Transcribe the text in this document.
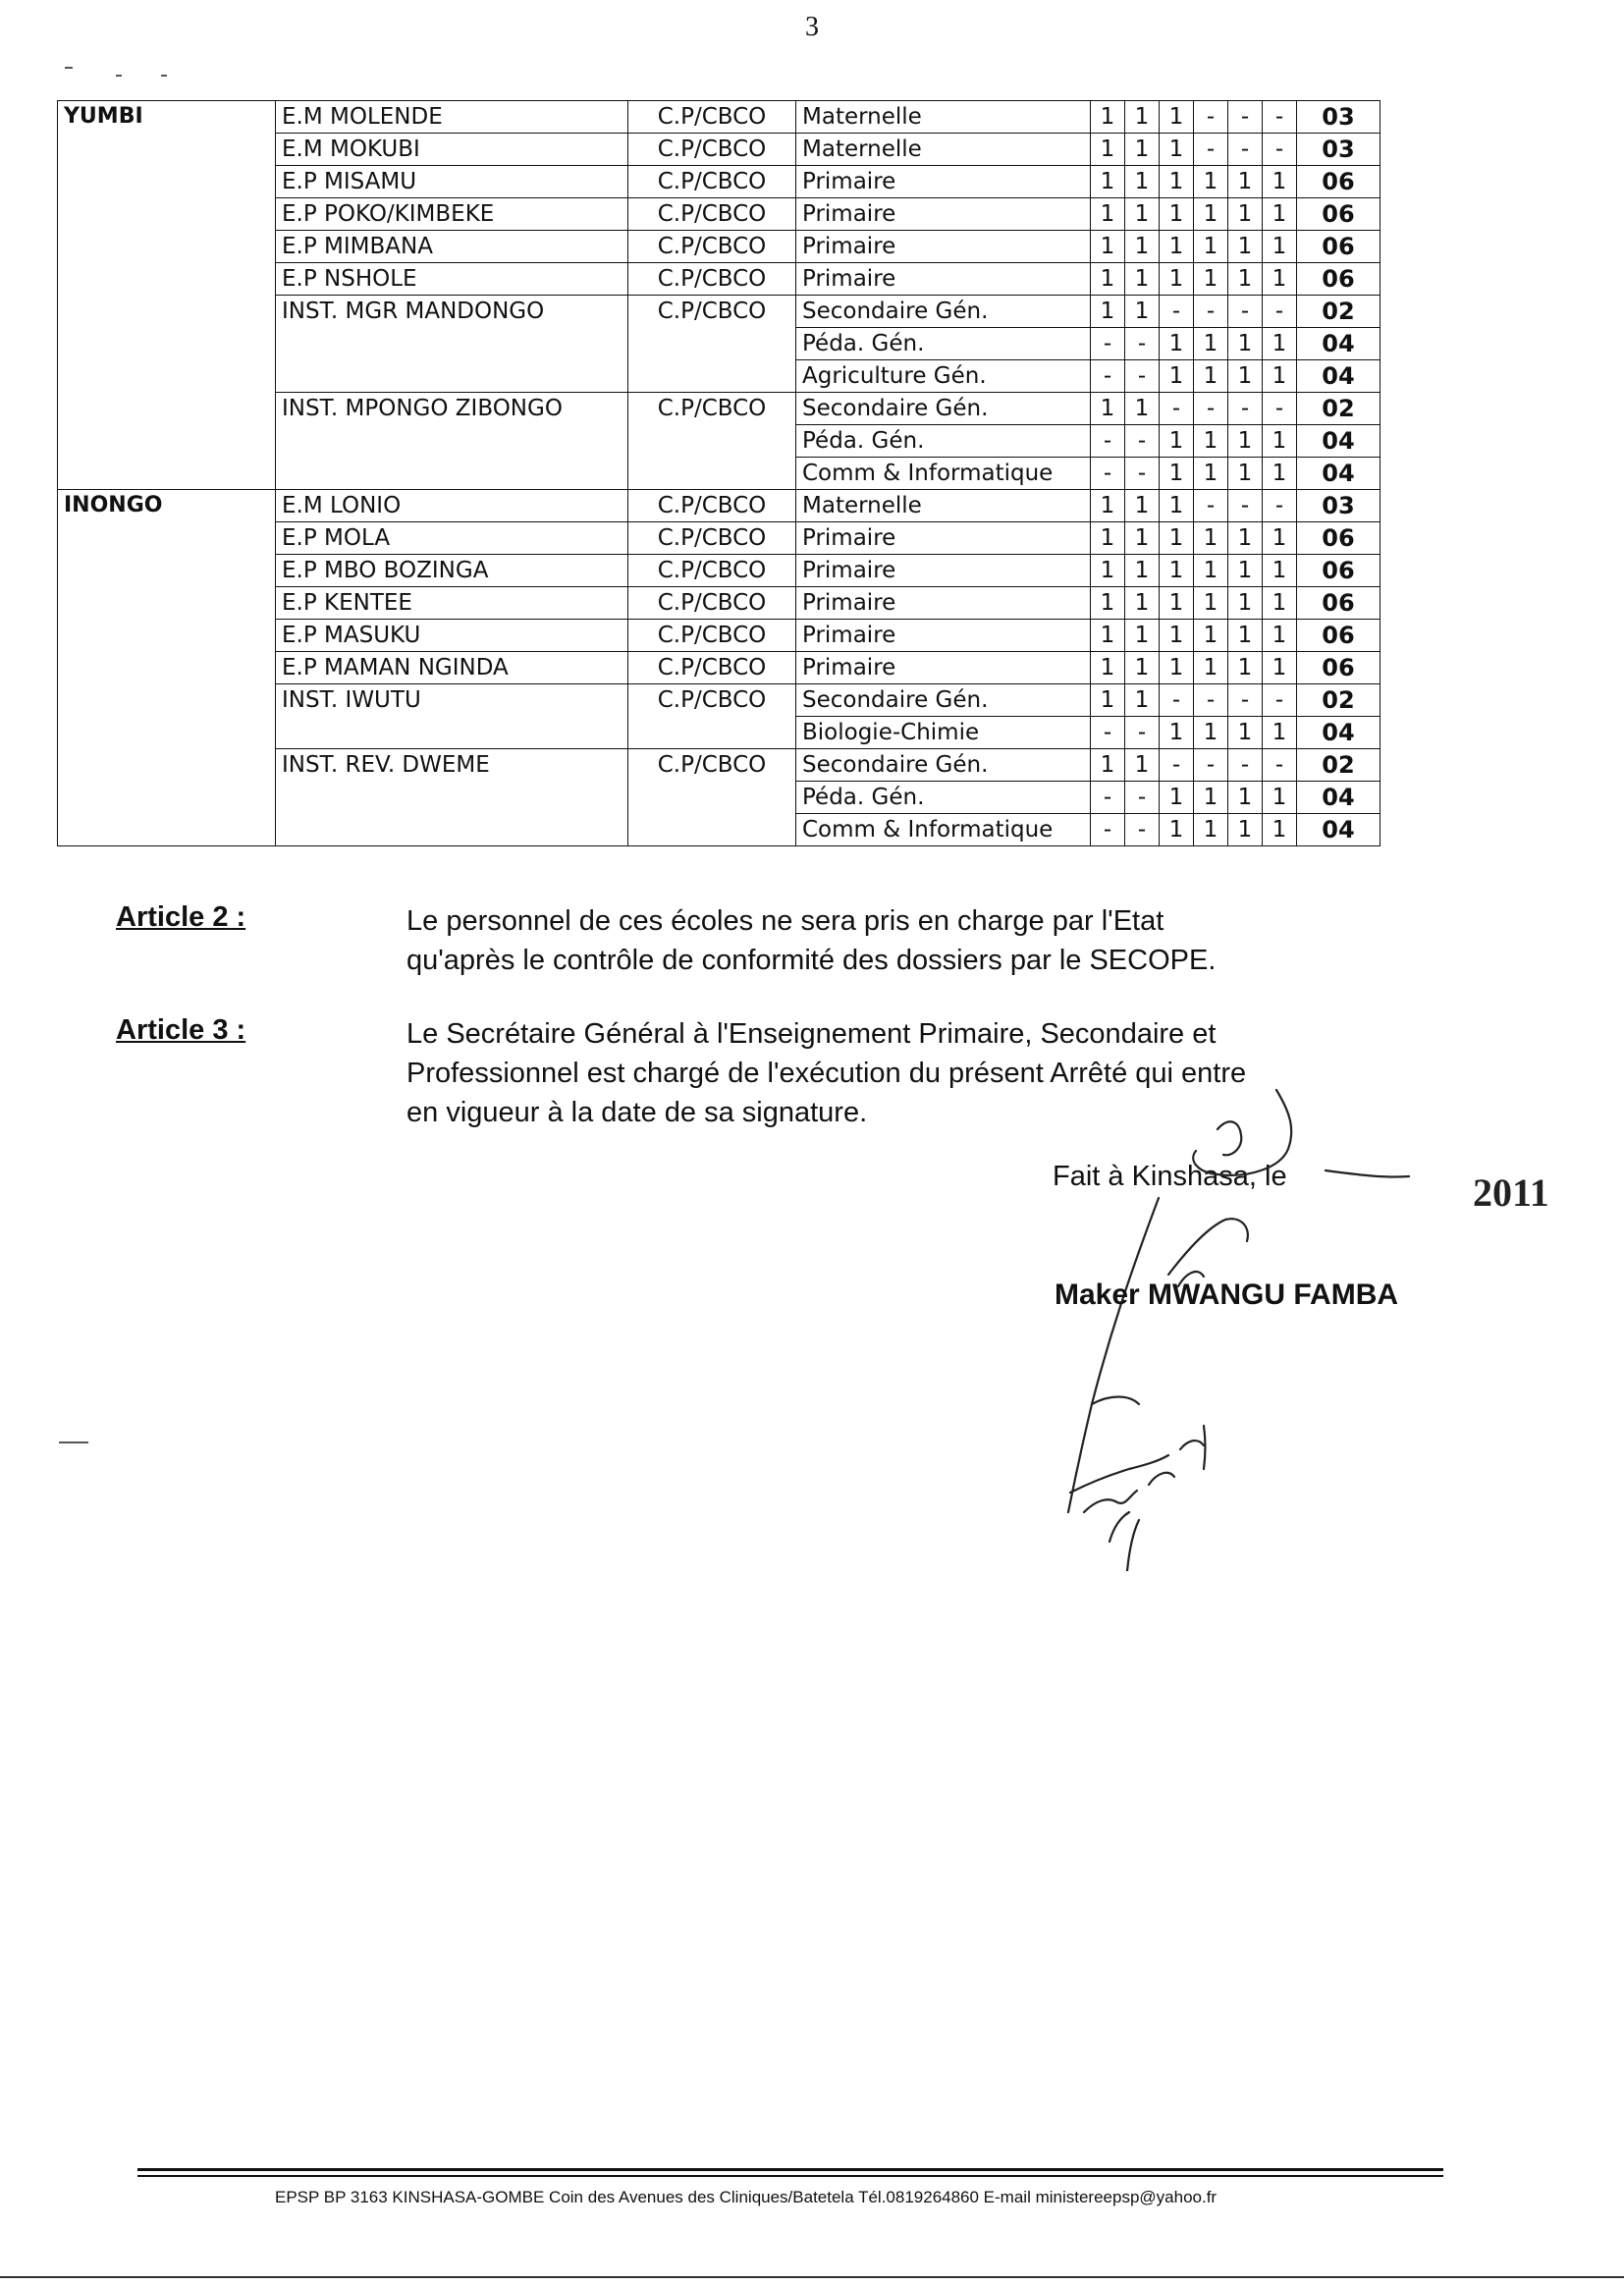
3
YUMBI	E.M MOLENDE	C.P/CBCO	Maternelle	1	1	1	-	-	-	03
	E.M MOKUBI	C.P/CBCO	Maternelle	1	1	1	-	-	-	03
	E.P MISAMU	C.P/CBCO	Primaire	1	1	1	1	1	1	06
	E.P POKO/KIMBEKE	C.P/CBCO	Primaire	1	1	1	1	1	1	06
	E.P MIMBANA	C.P/CBCO	Primaire	1	1	1	1	1	1	06
	E.P NSHOLE	C.P/CBCO	Primaire	1	1	1	1	1	1	06
	INST. MGR MANDONGO	C.P/CBCO	Secondaire Gén.	1	1	-	-	-	-	02
			Péda. Gén.	-	-	1	1	1	1	04
			Agriculture Gén.	-	-	1	1	1	1	04
	INST. MPONGO ZIBONGO	C.P/CBCO	Secondaire Gén.	1	1	-	-	-	-	02
			Péda. Gén.	-	-	1	1	1	1	04
			Comm & Informatique	-	-	1	1	1	1	04
INONGO	E.M LONIO	C.P/CBCO	Maternelle	1	1	1	-	-	-	03
	E.P MOLA	C.P/CBCO	Primaire	1	1	1	1	1	1	06
	E.P MBO BOZINGA	C.P/CBCO	Primaire	1	1	1	1	1	1	06
	E.P KENTEE	C.P/CBCO	Primaire	1	1	1	1	1	1	06
	E.P MASUKU	C.P/CBCO	Primaire	1	1	1	1	1	1	06
	E.P MAMAN NGINDA	C.P/CBCO	Primaire	1	1	1	1	1	1	06
	INST. IWUTU	C.P/CBCO	Secondaire Gén.	1	1	-	-	-	-	02
			Biologie-Chimie	-	-	1	1	1	1	04
	INST. REV. DWEME	C.P/CBCO	Secondaire Gén.	1	1	-	-	-	-	02
			Péda. Gén.	-	-	1	1	1	1	04
			Comm & Informatique	-	-	1	1	1	1	04
Article 2 :	Le personnel de ces écoles ne sera pris en charge par l'Etat
qu'après le contrôle de conformité des dossiers par le SECOPE.
Article 3 :	Le Secrétaire Général à l'Enseignement Primaire, Secondaire et
Professionnel est chargé de l'exécution du présent Arrêté qui entre
en vigueur à la date de sa signature.
Fait à Kinshasa, le	2011
Maker MWANGU FAMBA
EPSP BP 3163 KINSHASA-GOMBE Coin des Avenues des Cliniques/Batetela Tél.0819264860 E-mail ministereepsp@yahoo.fr
